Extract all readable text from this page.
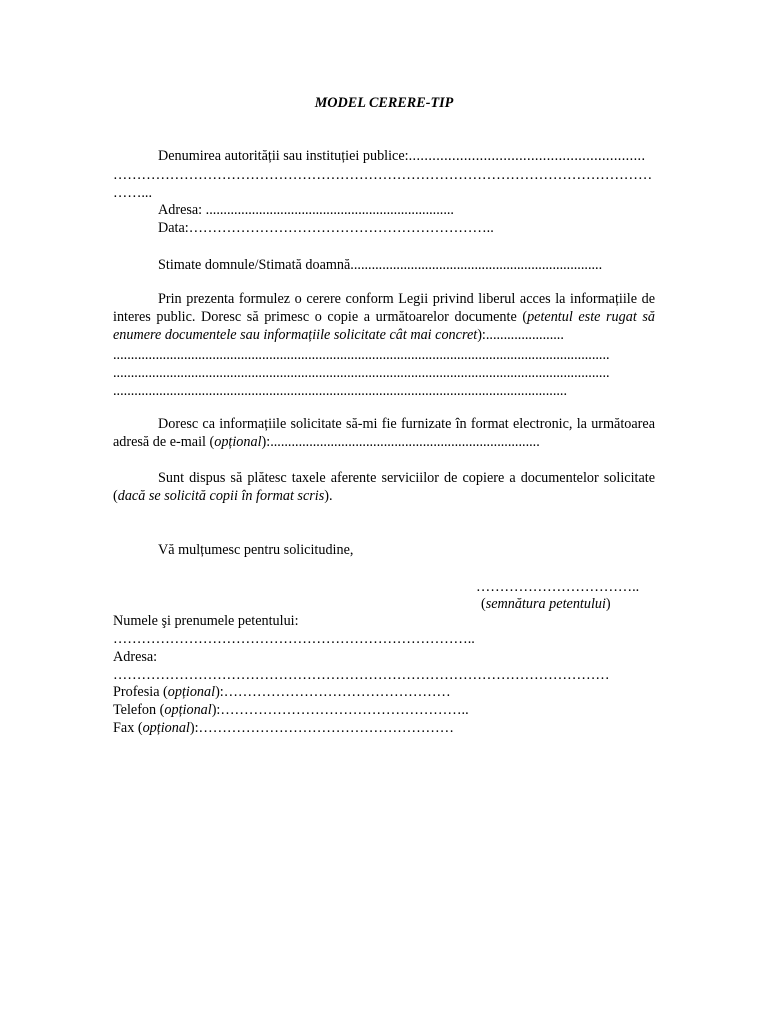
MODEL CERERE-TIP
Denumirea autorității sau instituției publice:............................................................
……………………………………………………………………………………………………
……...
Adresa: ......................................................................
Data:………………………………………………………..
Stimate domnule/Stimată doamnă.......................................................................
Prin prezenta formulez o cerere conform Legii privind liberul acces la informațiile de interes public. Doresc să primesc o copie a următoarelor documente (petentul este rugat să enumere documentele sau informațiile solicitate cât mai concret):......................
............................................................................................................................................
............................................................................................................................................
................................................................................................................................
Doresc ca informațiile solicitate să-mi fie furnizate în format electronic, la următoarea adresă de e-mail (opțional):............................................................................
Sunt dispus să plătesc taxele aferente serviciilor de copiere a documentelor solicitate (dacă se solicită copii în format scris).
Vă mulțumesc pentru solicitudine,
……………………………..
(semnătura petentului)
Numele şi prenumele petentului:
…………………………………………………………………..
Adresa:
……………………………………………………………………………………………
Profesia (opțional):…………………………………………
Telefon (opțional):……………………………………………..
Fax (opțional):………………………………………………
